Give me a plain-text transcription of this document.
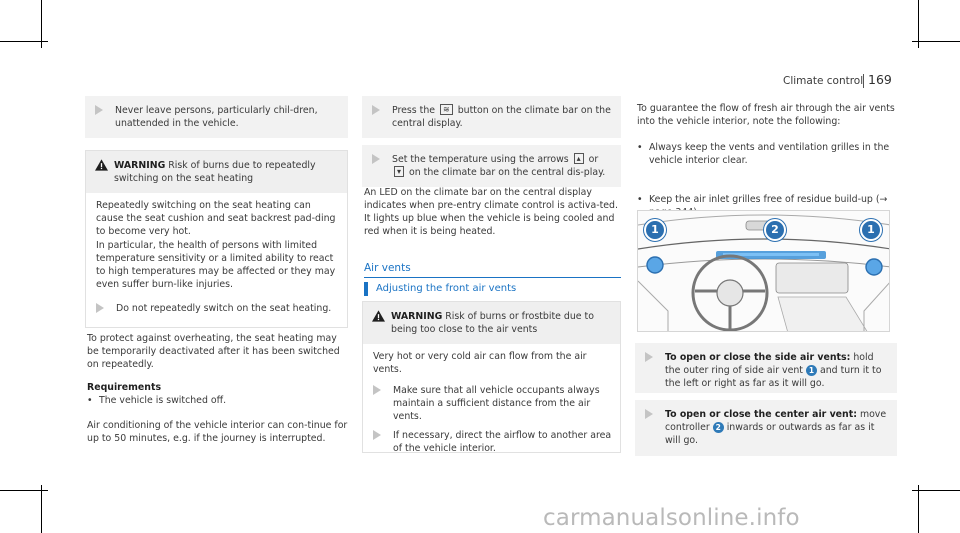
Climate control 169
Never leave persons, particularly chil-dren, unattended in the vehicle.
WARNING Risk of burns due to repeatedly switching on the seat heating
Repeatedly switching on the seat heating can cause the seat cushion and seat backrest pad-ding to become very hot.
In particular, the health of persons with limited temperature sensitivity or a limited ability to react to high temperatures may be affected or they may even suffer burn-like injuries.
Do not repeatedly switch on the seat heating.
To protect against overheating, the seat heating may be temporarily deactivated after it has been switched on repeatedly.
Requirements
• The vehicle is switched off.
Air conditioning of the vehicle interior can con-tinue for up to 50 minutes, e.g. if the journey is interrupted.
Press the ≋ button on the climate bar on the central display.
Set the temperature using the arrows ▴ or ▾ on the climate bar on the central dis-play.
An LED on the climate bar on the central display indicates when pre-entry climate control is activa-ted. It lights up blue when the vehicle is being cooled and red when it is being heated.
Air vents
Adjusting the front air vents
WARNING Risk of burns or frostbite due to being too close to the air vents
Very hot or very cold air can flow from the air vents.
Make sure that all vehicle occupants always maintain a sufficient distance from the air vents.
If necessary, direct the airflow to another area of the vehicle interior.
To guarantee the flow of fresh air through the air vents into the vehicle interior, note the following:
• Always keep the vents and ventilation grilles in the vehicle interior clear.
• Keep the air inlet grilles free of residue build-up (→
1	2	1
To open or close the side air vents: hold the outer ring of side air vent 1 and turn it to the left or right as far as it will go.
To open or close the center air vent: move controller 2 inwards or outwards as far as it will go.
carmanualsonline.info
